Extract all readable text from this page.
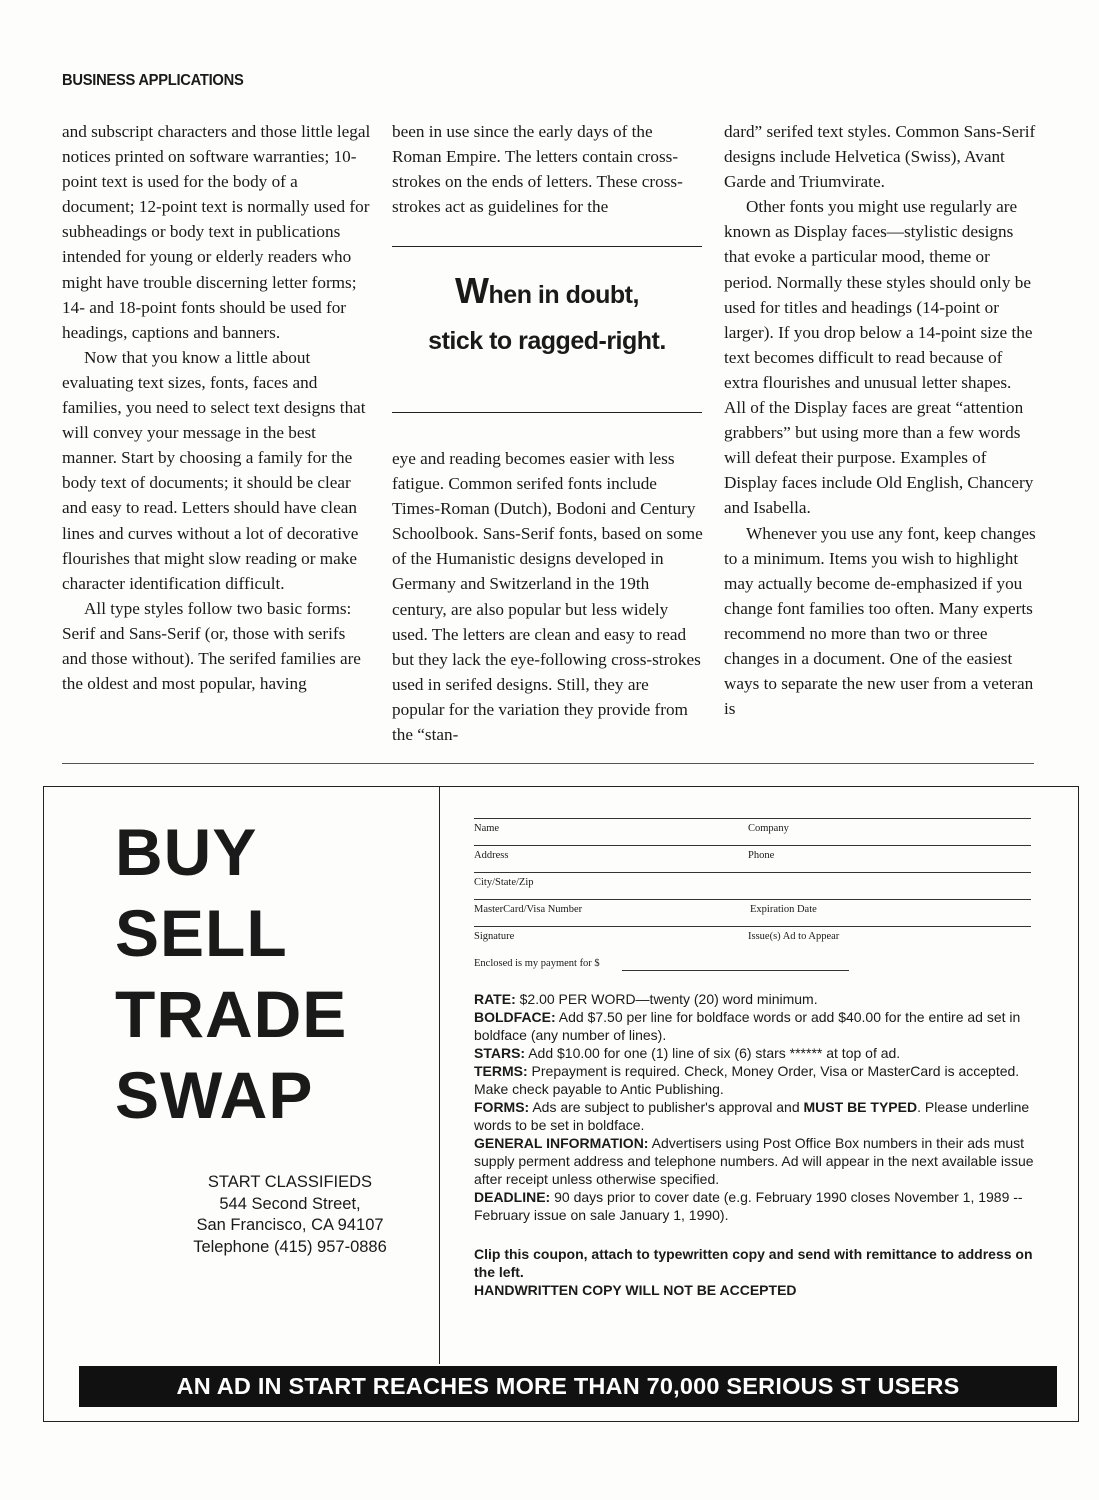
BUSINESS APPLICATIONS

and subscript characters and those little legal notices printed on software warranties; 10-point text is used for the body of a document; 12-point text is normally used for subheadings or body text in publications intended for young or elderly readers who might have trouble discerning letter forms; 14- and 18-point fonts should be used for headings, captions and banners.

Now that you know a little about evaluating text sizes, fonts, faces and families, you need to select text designs that will convey your message in the best manner. Start by choosing a family for the body text of documents; it should be clear and easy to read. Letters should have clean lines and curves without a lot of decorative flourishes that might slow reading or make character identification difficult.

All type styles follow two basic forms: Serif and Sans-Serif (or, those with serifs and those without). The serifed families are the oldest and most popular, having

been in use since the early days of the Roman Empire. The letters contain cross-strokes on the ends of letters. These cross-strokes act as guidelines for the

When in doubt,
stick to ragged-right.

eye and reading becomes easier with less fatigue. Common serifed fonts include Times-Roman (Dutch), Bodoni and Century Schoolbook. Sans-Serif fonts, based on some of the Humanistic designs developed in Germany and Switzerland in the 19th century, are also popular but less widely used. The letters are clean and easy to read but they lack the eye-following cross-strokes used in serifed designs. Still, they are popular for the variation they provide from the “stan-

dard” serifed text styles. Common Sans-Serif designs include Helvetica (Swiss), Avant Garde and Triumvirate.

Other fonts you might use regularly are known as Display faces—stylistic designs that evoke a particular mood, theme or period. Normally these styles should only be used for titles and headings (14-point or larger). If you drop below a 14-point size the text becomes difficult to read because of extra flourishes and unusual letter shapes. All of the Display faces are great “attention grabbers” but using more than a few words will defeat their purpose. Examples of Display faces include Old English, Chancery and Isabella.

Whenever you use any font, keep changes to a minimum. Items you wish to highlight may actually become de-emphasized if you change font families too often. Many experts recommend no more than two or three changes in a document. One of the easiest ways to separate the new user from a veteran is

BUY
SELL
TRADE
SWAP
START CLASSIFIEDS
544 Second Street,
San Francisco, CA 94107
Telephone (415) 957-0886
Name	Company
Address	Phone
City/State/Zip
MasterCard/Visa Number	Expiration Date
Signature	Issue(s) Ad to Appear
Enclosed is my payment for $

RATE: $2.00 PER WORD—twenty (20) word minimum.

BOLDFACE: Add $7.50 per line for boldface words or add $40.00 for the entire ad set in boldface (any number of lines).

STARS: Add $10.00 for one (1) line of six (6) stars ****** at top of ad.

TERMS: Prepayment is required. Check, Money Order, Visa or MasterCard is accepted. Make check payable to Antic Publishing.

FORMS: Ads are subject to publisher's approval and MUST BE TYPED. Please underline words to be set in boldface.

GENERAL INFORMATION: Advertisers using Post Office Box numbers in their ads must supply perment address and telephone numbers. Ad will appear in the next available issue after receipt unless otherwise specified.

DEADLINE: 90 days prior to cover date (e.g. February 1990 closes November 1, 1989 -- February issue on sale January 1, 1990).

Clip this coupon, attach to typewritten copy and send with remittance to address on the left.

HANDWRITTEN COPY WILL NOT BE ACCEPTED

AN AD IN START REACHES MORE THAN 70,000 SERIOUS ST USERS
